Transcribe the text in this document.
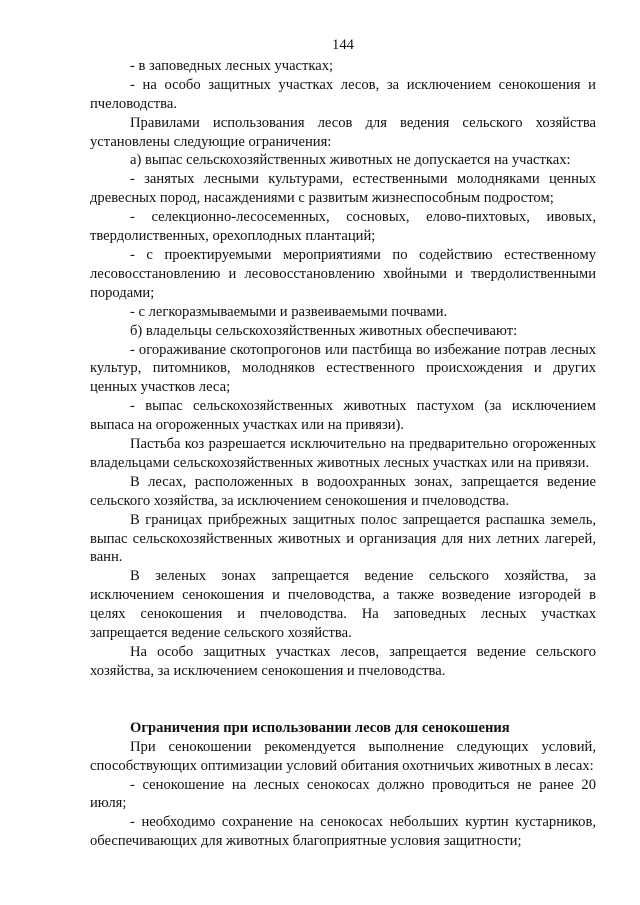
144

- в заповедных лесных участках;

- на особо защитных участках лесов, за исключением сенокошения и пчеловодства.

Правилами использования лесов для ведения сельского хозяйства установлены следующие ограничения:

а) выпас сельскохозяйственных животных не допускается на участках:

- занятых лесными культурами, естественными молодняками ценных древесных пород, насаждениями с развитым жизнеспособным подростом;

- селекционно-лесосеменных, сосновых, елово-пихтовых, ивовых, твердолиственных, орехоплодных плантаций;

- с проектируемыми мероприятиями по содействию естественному лесовосстановлению и лесовосстановлению хвойными и твердолиственными породами;

- с легкоразмываемыми и развеиваемыми почвами.

б) владельцы сельскохозяйственных животных обеспечивают:

- огораживание скотопрогонов или пастбища во избежание потрав лесных культур, питомников, молодняков естественного происхождения и других ценных участков леса;

- выпас сельскохозяйственных животных пастухом (за исключением выпаса на огороженных участках или на привязи).

Пастьба коз разрешается исключительно на предварительно огороженных владельцами сельскохозяйственных животных лесных участках или на привязи.

В лесах, расположенных в водоохранных зонах, запрещается ведение сельского хозяйства, за исключением сенокошения и пчеловодства.

В границах прибрежных защитных полос запрещается распашка земель, выпас сельскохозяйственных животных и организация для них летних лагерей, ванн.

В зеленых зонах запрещается ведение сельского хозяйства, за исключением сенокошения и пчеловодства, а также возведение изгородей в целях сенокошения и пчеловодства. На заповедных лесных участках запрещается ведение сельского хозяйства.

На особо защитных участках лесов, запрещается ведение сельского хозяйства, за исключением сенокошения и пчеловодства.

Ограничения при использовании лесов для сенокошения

При сенокошении рекомендуется выполнение следующих условий, способствующих оптимизации условий обитания охотничьих животных в лесах:

- сенокошение на лесных сенокосах должно проводиться не ранее 20 июля;

- необходимо сохранение на сенокосах небольших куртин кустарников, обеспечивающих для животных благоприятные условия защитности;
